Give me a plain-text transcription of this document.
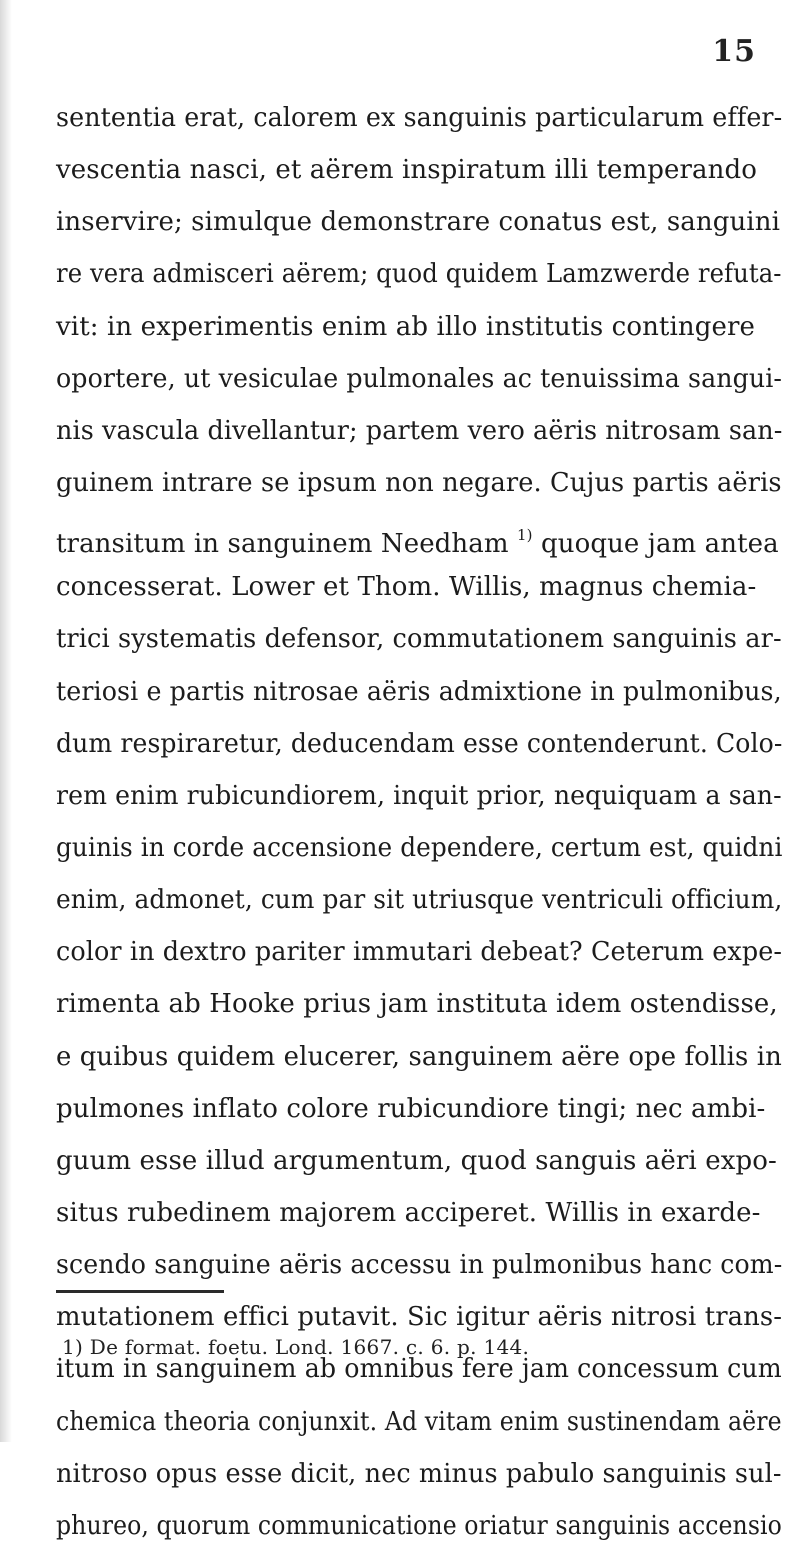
15
sententia erat, calorem ex sanguinis particularum effer-
vescentia nasci, et aërem inspiratum illi temperando
inservire; simulque demonstrare conatus est, sanguini
re vera admisceri aërem; quod quidem Lamzwerde refuta-
vit: in experimentis enim ab illo institutis contingere
oportere, ut vesiculae pulmonales ac tenuissima sangui-
nis vascula divellantur; partem vero aëris nitrosam san-
guinem intrare se ipsum non negare. Cujus partis aëris
transitum in sanguinem Needham $^{1)}$ quoque jam antea
concesserat. Lower et Thom. Willis, magnus chemia-
trici systematis defensor, commutationem sanguinis ar-
teriosi e partis nitrosae aëris admixtione in pulmonibus,
dum respiraretur, deducendam esse contenderunt. Colo-
rem enim rubicundiorem, inquit prior, nequiquam a san-
guinis in corde accensione dependere, certum est, quidni
enim, admonet, cum par sit utriusque ventriculi officium,
color in dextro pariter immutari debeat? Ceterum expe-
rimenta ab Hooke prius jam instituta idem ostendisse,
e quibus quidem elucerer, sanguinem aëre ope follis in
pulmones inflato colore rubicundiore tingi; nec ambi-
guum esse illud argumentum, quod sanguis aëri expo-
situs rubedinem majorem acciperet. Willis in exarde-
scendo sanguine aëris accessu in pulmonibus hanc com-
mutationem effici putavit. Sic igitur aëris nitrosi trans-
itum in sanguinem ab omnibus fere jam concessum cum
chemica theoria conjunxit. Ad vitam enim sustinendam aëre
nitroso opus esse dicit, nec minus pabulo sanguinis sul-
phureo, quorum communicatione oriatur sanguinis accensio
1) De format. foetu. Lond. 1667. c. 6. p. 144.
